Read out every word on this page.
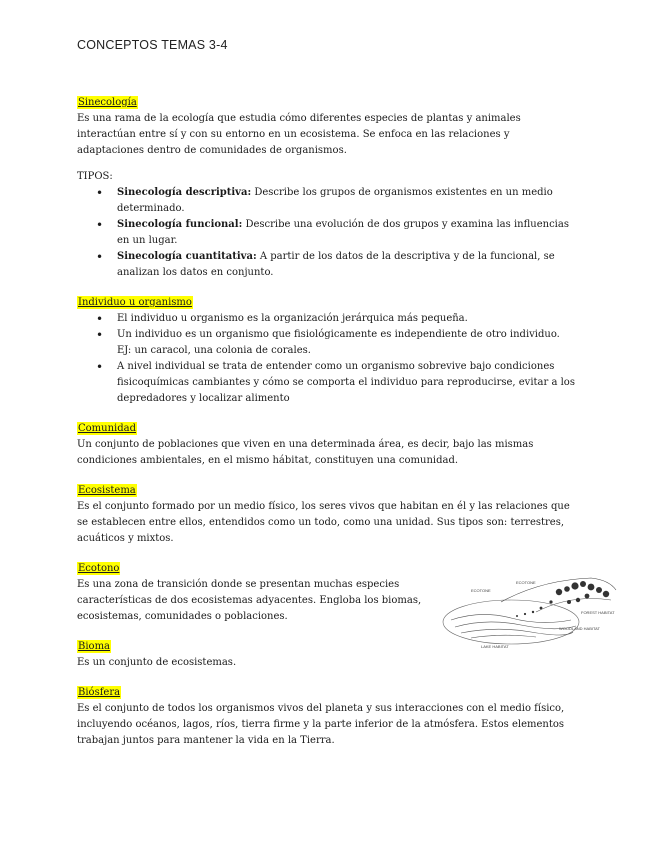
CONCEPTOS TEMAS 3-4
Sinecología

Es una rama de la ecología que estudia cómo diferentes especies de plantas y animales interactúan entre sí y con su entorno en un ecosistema. Se enfoca en las relaciones y adaptaciones dentro de comunidades de organismos.

TIPOS:

• Sinecología descriptiva: Describe los grupos de organismos existentes en un medio determinado.
• Sinecología funcional: Describe una evolución de dos grupos y examina las influencias en un lugar.
• Sinecología cuantitativa: A partir de los datos de la descriptiva y de la funcional, se analizan los datos en conjunto.
Individuo u organismo
• El individuo u organismo es la organización jerárquica más pequeña.
• Un individuo es un organismo que fisiológicamente es independiente de otro individuo. EJ: un caracol, una colonia de corales.
• A nivel individual se trata de entender como un organismo sobrevive bajo condiciones fisicoquímicas cambiantes y cómo se comporta el individuo para reproducirse, evitar a los depredadores y localizar alimento
Comunidad

Un conjunto de poblaciones que viven en una determinada área, es decir, bajo las mismas condiciones ambientales, en el mismo hábitat, constituyen una comunidad.

Ecosistema

Es el conjunto formado por un medio físico, los seres vivos que habitan en él y las relaciones que se establecen entre ellos, entendidos como un todo, como una unidad. Sus tipos son: terrestres, acuáticos y mixtos.

Ecotono

Es una zona de transición donde se presentan muchas especies características de dos ecosistemas adyacentes. Engloba los biomas, ecosistemas, comunidades o poblaciones.

Bioma

Es un conjunto de ecosistemas.

Biósfera

Es el conjunto de todos los organismos vivos del planeta y sus interacciones con el medio físico, incluyendo océanos, lagos, ríos, tierra firme y la parte inferior de la atmósfera. Estos elementos trabajan juntos para mantener la vida en la Tierra.

ECOTONE
ECOTONE
LAKE HABITAT
WOODLAND HABITAT
FOREST HABITAT
